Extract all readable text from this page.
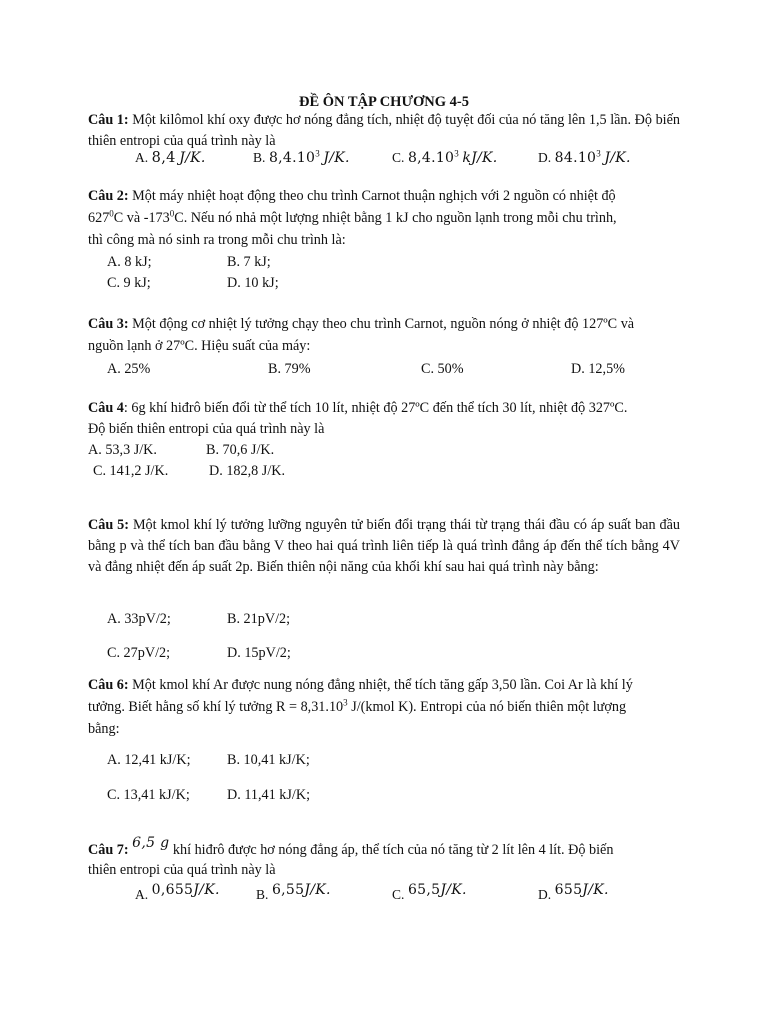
ĐỀ ÔN TẬP CHƯƠNG 4-5
Câu 1: Một kilômol khí oxy được hơ nóng đẳng tích, nhiệt độ tuyệt đối của nó tăng lên 1,5 lần. Độ biến thiên entropi của quá trình này là
A. 8,4 J/K.	B. 8,4.10$^3$ J/K.	C. 8,4.10$^3$ kJ/K.	D. 84.10$^3$ J/K.
Câu 2: Một máy nhiệt hoạt động theo chu trình Carnot thuận nghịch với 2 nguồn có nhiệt độ
$627^0C$ và $-173^0C$. Nếu nó nhả một lượng nhiệt bằng 1 kJ cho nguồn lạnh trong mỗi chu trình,
thì công mà nó sinh ra trong mỗi chu trình là:
A. 8 kJ;	B. 7 kJ;
C. 9 kJ;	D. 10 kJ;
Câu 3: Một động cơ nhiệt lý tưởng chạy theo chu trình Carnot, nguồn nóng ở nhiệt độ 127ºC và
nguồn lạnh ở 27ºC. Hiệu suất của máy:
A. 25%	B. 79%	C. 50%	D. 12,5%
Câu 4: 6g khí hiđrô biến đổi từ thể tích 10 lít, nhiệt độ 27ºC đến thể tích 30 lít, nhiệt độ 327ºC.
Độ biến thiên entropi của quá trình này là
A. 53,3 J/K.	B. 70,6 J/K.
C. 141,2 J/K.	D. 182,8 J/K.
Câu 5: Một kmol khí lý tưởng lưỡng nguyên tử biến đổi trạng thái từ trạng thái đầu có áp suất ban đầu bằng p và thể tích ban đầu bằng V theo hai quá trình liên tiếp là quá trình đẳng áp đến thể tích bằng 4V và đẳng nhiệt đến áp suất 2p. Biến thiên nội năng của khối khí sau hai quá trình này bằng:
A. 33pV/2;	B. 21pV/2;
C. 27pV/2;	D. 15pV/2;
Câu 6: Một kmol khí Ar được nung nóng đẳng nhiệt, thể tích tăng gấp 3,50 lần. Coi Ar là khí lý
tưởng. Biết hằng số khí lý tưởng $R = 8,31.10^3$ J/(kmol K). Entropi của nó biến thiên một lượng
bằng:
A. 12,41 kJ/K;	B. 10,41 kJ/K;
C. 13,41 kJ/K;	D. 11,41 kJ/K;
Câu 7: 6,5 g khí hiđrô được hơ nóng đẳng áp, thể tích của nó tăng từ 2 lít lên 4 lít. Độ biến
thiên entropi của quá trình này là
A. 0,655J/K.	B. 6,55J/K.	C. 65,5J/K.	D. 655J/K.
